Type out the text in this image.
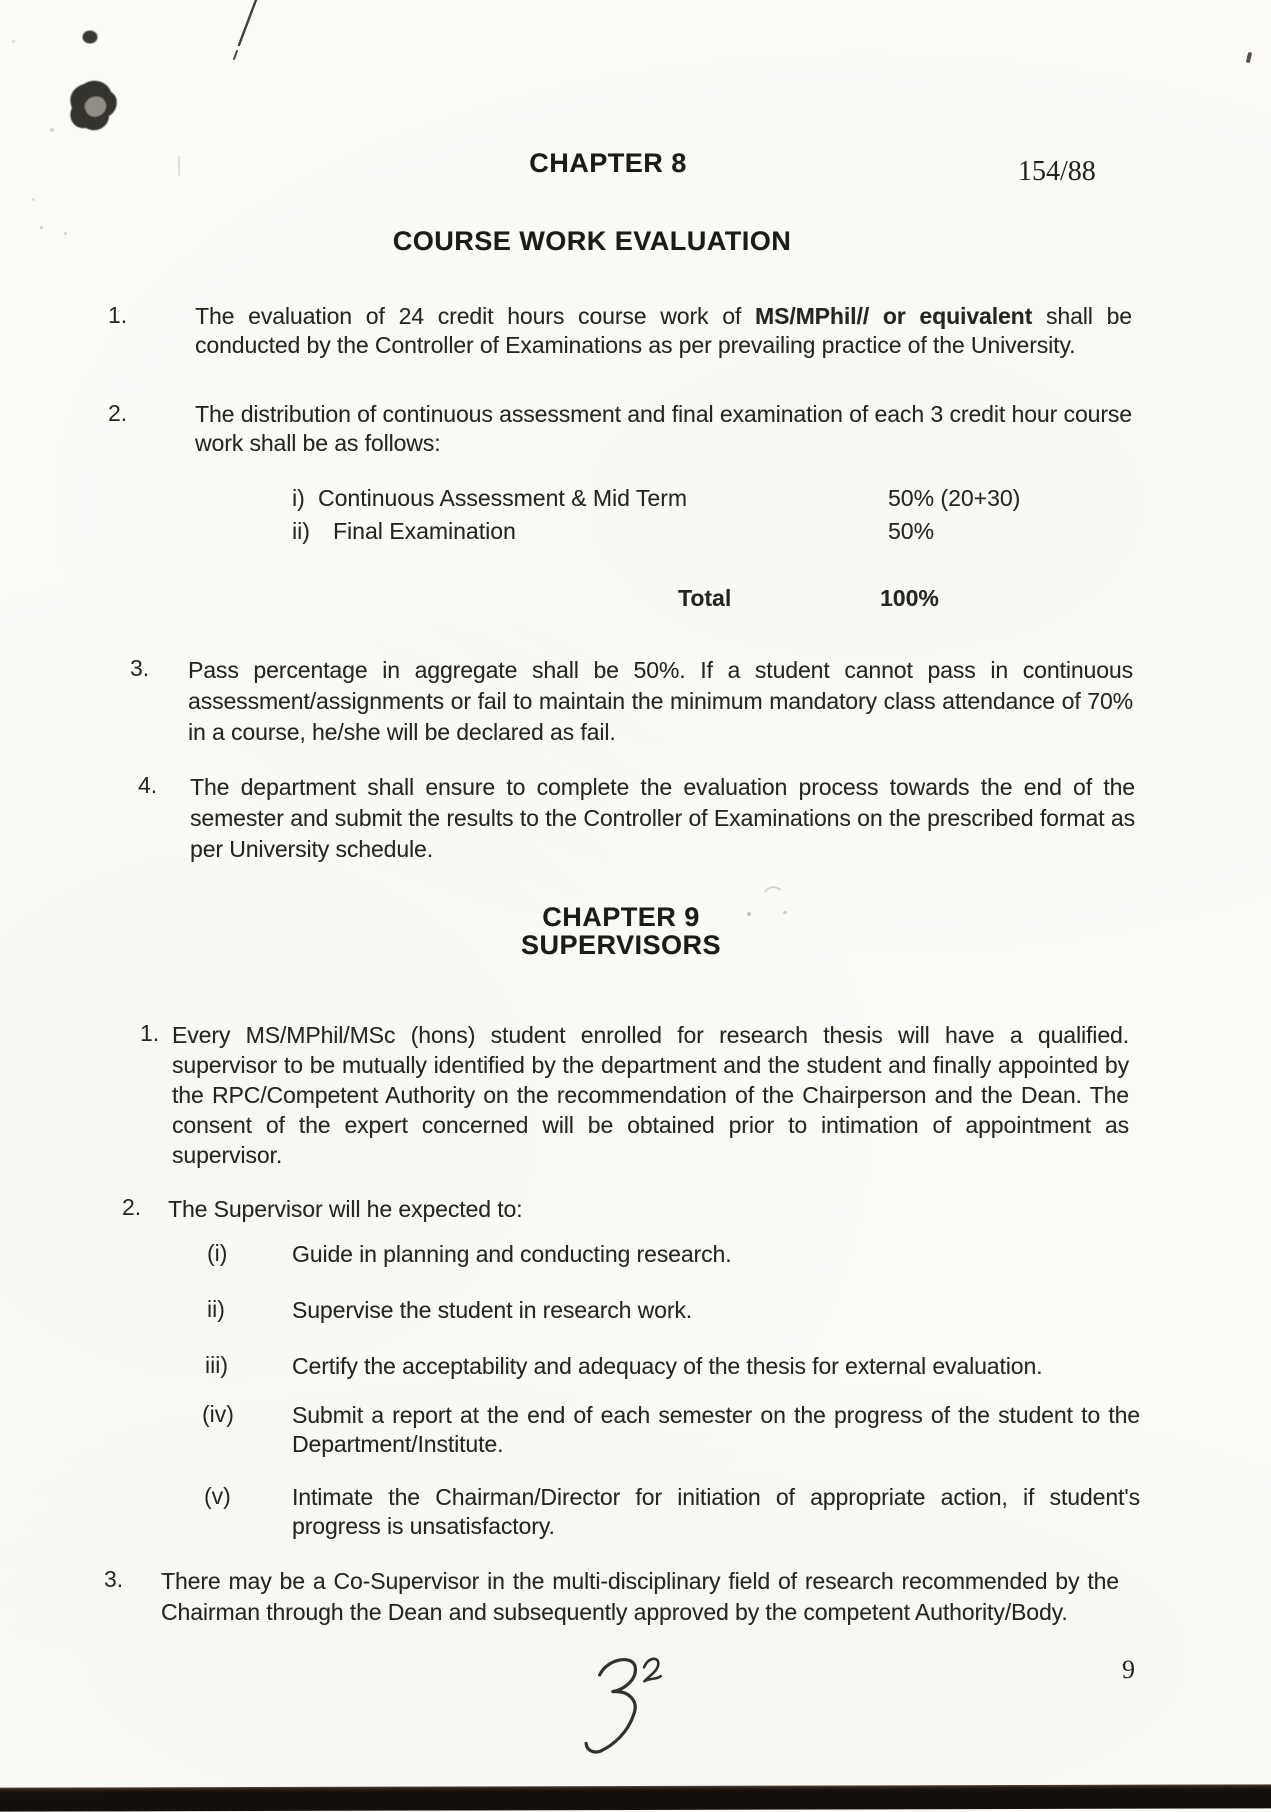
CHAPTER 8	154/88
COURSE WORK EVALUATION
1.	The evaluation of 24 credit hours course work of MS/MPhil// or equivalent shall be conducted by the Controller of Examinations as per prevailing practice of the University.

2.	The distribution of continuous assessment and final examination of each 3 credit hour course work shall be as follows:

i) Continuous Assessment & Mid Term	50% (20+30)
ii) Final Examination	50%
Total	100%
3. Pass percentage in aggregate shall be 50%. If a student cannot pass in continuous assessment/assignments or fail to maintain the minimum mandatory class attendance of 70% in a course, he/she will be declared as fail.

4. The department shall ensure to complete the evaluation process towards the end of the semester and submit the results to the Controller of Examinations on the prescribed format as per University schedule.

CHAPTER 9
SUPERVISORS
1. Every MS/MPhil/MSc (hons) student enrolled for research thesis will have a qualified. supervisor to be mutually identified by the department and the student and finally appointed by the RPC/Competent Authority on the recommendation of the Chairperson and the Dean. The consent of the expert concerned will be obtained prior to intimation of appointment as supervisor.

2. The Supervisor will he expected to:

(i)	Guide in planning and conducting research.

ii)	Supervise the student in research work.

iii)	Certify the acceptability and adequacy of the thesis for external evaluation.

(iv)	Submit a report at the end of each semester on the progress of the student to the Department/Institute.

(v)	Intimate the Chairman/Director for initiation of appropriate action, if student's progress is unsatisfactory.

3. There may be a Co-Supervisor in the multi-disciplinary field of research recommended by the Chairman through the Dean and subsequently approved by the competent Authority/Body.

9
